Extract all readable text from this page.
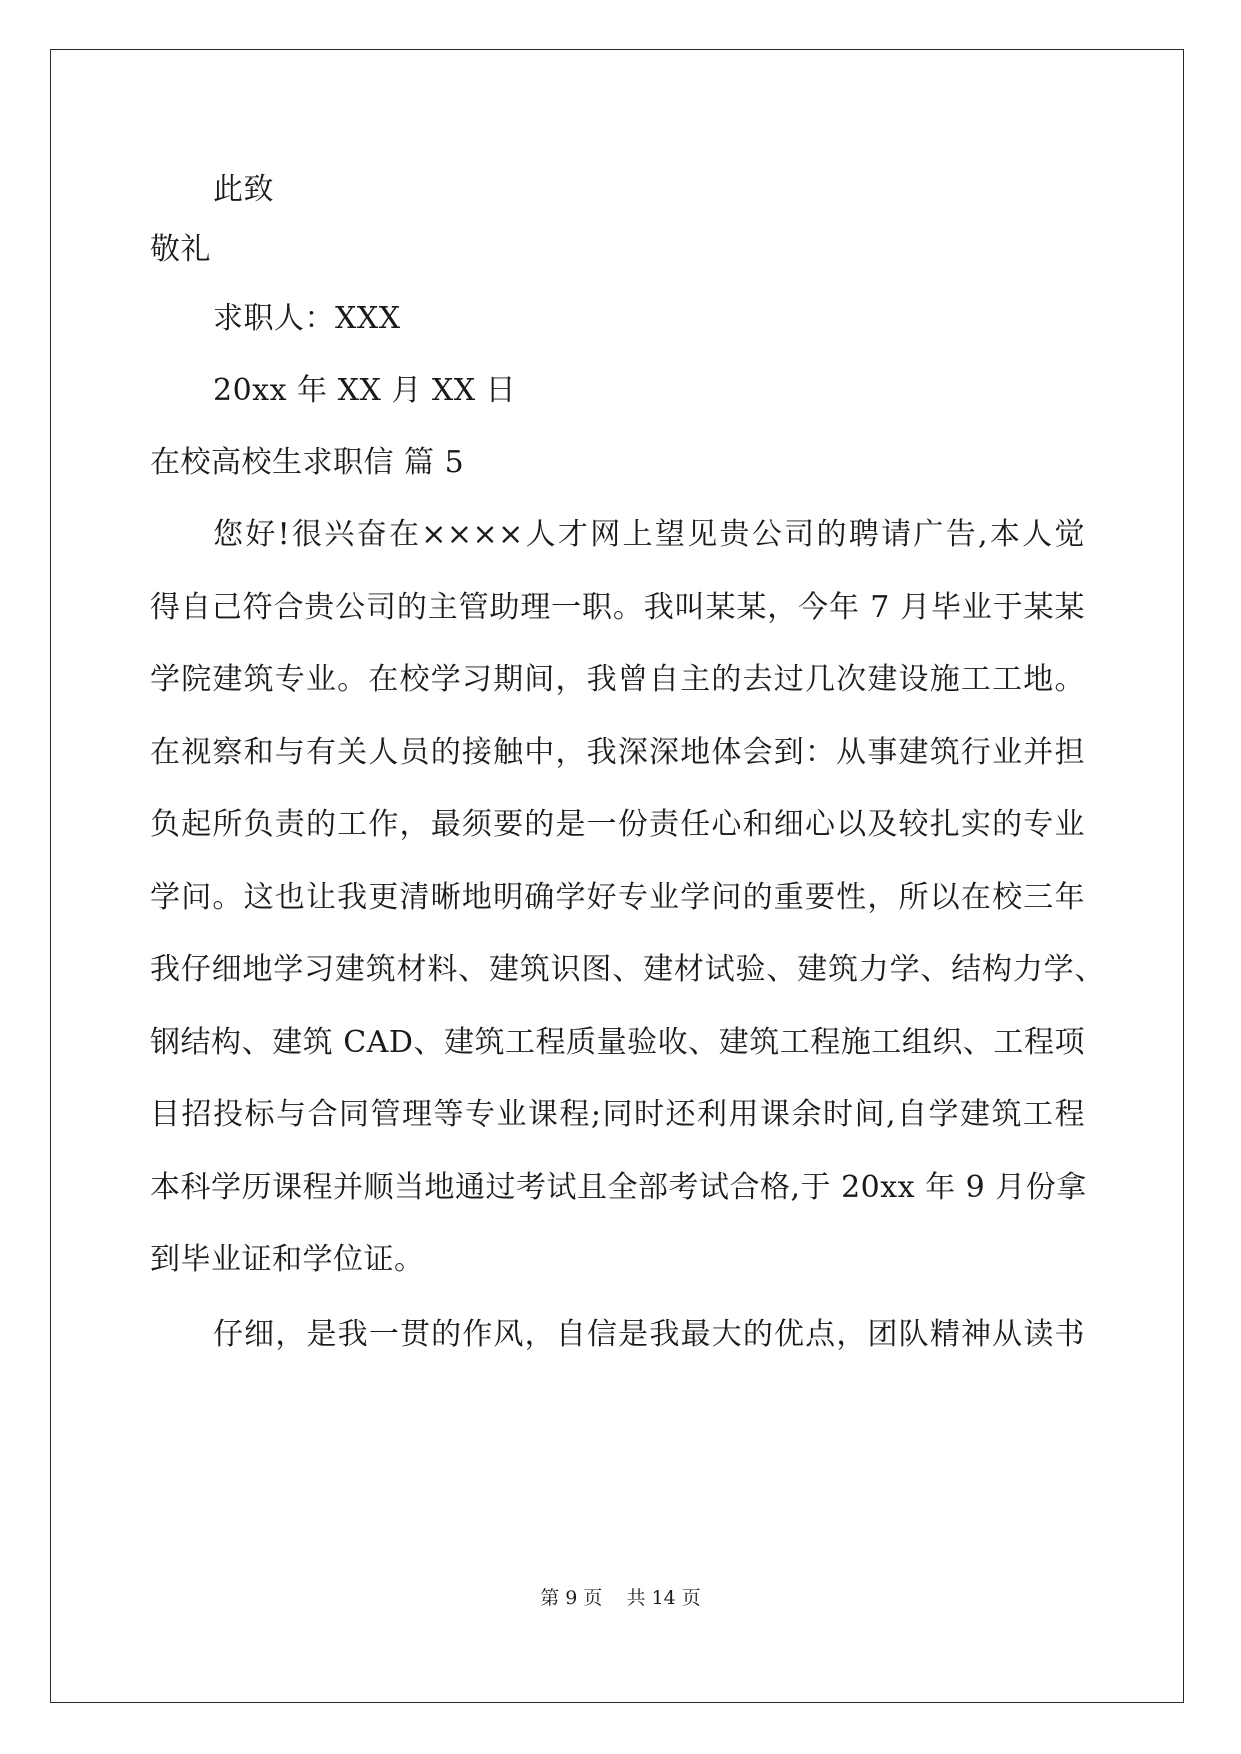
此致
敬礼
求职人：XXX
20xx 年 XX 月 XX 日
在校高校生求职信 篇 5
您好!很兴奋在××××人才网上望见贵公司的聘请广告,本人觉
得自己符合贵公司的主管助理一职。我叫某某，今年 7 月毕业于某某
学院建筑专业。在校学习期间，我曾自主的去过几次建设施工工地。
在视察和与有关人员的接触中，我深深地体会到：从事建筑行业并担
负起所负责的工作，最须要的是一份责任心和细心以及较扎实的专业
学问。这也让我更清晰地明确学好专业学问的重要性，所以在校三年
我仔细地学习建筑材料、建筑识图、建材试验、建筑力学、结构力学、
钢结构、建筑 CAD、建筑工程质量验收、建筑工程施工组织、工程项
目招投标与合同管理等专业课程;同时还利用课余时间,自学建筑工程
本科学历课程并顺当地通过考试且全部考试合格,于 20xx 年 9 月份拿
到毕业证和学位证。
仔细，是我一贯的作风，自信是我最大的优点，团队精神从读书
第 9 页    共 14 页
